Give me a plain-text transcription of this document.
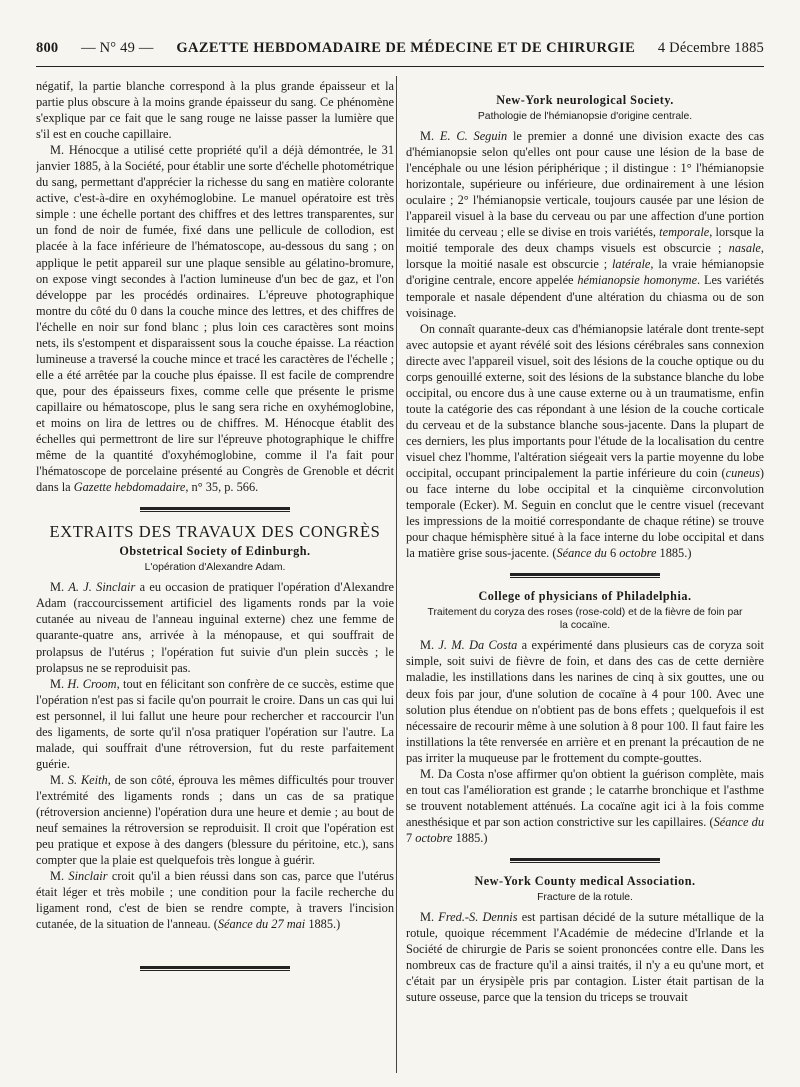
800 — N° 49 — GAZETTE HEBDOMADAIRE DE MÉDECINE ET DE CHIRURGIE 4 Décembre 1885

négatif, la partie blanche correspond à la plus grande épaisseur et la partie plus obscure à la moins grande épaisseur du sang. Ce phénomène s'explique par ce fait que le sang rouge ne laisse passer la lumière que s'il est en couche capillaire.

M. Hénocque a utilisé cette propriété qu'il a déjà démontrée, le 31 janvier 1885, à la Société, pour établir une sorte d'échelle photométrique du sang, permettant d'apprécier la richesse du sang en matière colorante active, c'est-à-dire en oxyhémoglobine. Le manuel opératoire est très simple : une échelle portant des chiffres et des lettres transparentes, sur un fond de noir de fumée, fixé dans une pellicule de collodion, est placée à la face inférieure de l'hématoscope, au-dessous du sang ; on applique le petit appareil sur une plaque sensible au gélatino-bromure, on expose vingt secondes à l'action lumineuse d'un bec de gaz, et l'on développe par les procédés ordinaires. L'épreuve photographique montre du côté du 0 dans la couche mince des lettres, et des chiffres de l'échelle en noir sur fond blanc ; plus loin ces caractères sont moins nets, ils s'estompent et disparaissent sous la couche épaisse. La réaction lumineuse a traversé la couche mince et tracé les caractères de l'échelle ; elle a été arrêtée par la couche plus épaisse. Il est facile de comprendre que, pour des épaisseurs fixes, comme celle que présente le prisme capillaire ou hématoscope, plus le sang sera riche en oxyhémoglobine, et moins on lira de lettres ou de chiffres. M. Hénocque établit des échelles qui permettront de lire sur l'épreuve photographique le chiffre même de la quantité d'oxyhémoglobine, comme il l'a fait pour l'hématoscope de porcelaine présenté au Congrès de Grenoble et décrit dans la Gazette hebdomadaire, n° 35, p. 566.

EXTRAITS DES TRAVAUX DES CONGRÈS
Obstetrical Society of Edinburgh.
L'opération d'Alexandre Adam.

M. A. J. Sinclair a eu occasion de pratiquer l'opération d'Alexandre Adam (raccourcissement artificiel des ligaments ronds par la voie cutanée au niveau de l'anneau inguinal externe) chez une femme de quarante-quatre ans, arrivée à la ménopause, et qui souffrait de prolapsus de l'utérus ; l'opération fut suivie d'un plein succès ; le prolapsus ne se reproduisit pas.

M. H. Croom, tout en félicitant son confrère de ce succès, estime que l'opération n'est pas si facile qu'on pourrait le croire. Dans un cas qui lui est personnel, il lui fallut une heure pour rechercher et raccourcir l'un des ligaments, de sorte qu'il n'osa pratiquer l'opération sur l'autre. La malade, qui souffrait d'une rétroversion, fut du reste parfaitement guérie.

M. S. Keith, de son côté, éprouva les mêmes difficultés pour trouver l'extrémité des ligaments ronds ; dans un cas de sa pratique (rétroversion ancienne) l'opération dura une heure et demie ; au bout de neuf semaines la rétroversion se reproduisit. Il croit que l'opération est peu pratique et expose à des dangers (blessure du péritoine, etc.), sans compter que la plaie est quelquefois très longue à guérir.

M. Sinclair croit qu'il a bien réussi dans son cas, parce que l'utérus était léger et très mobile ; une condition pour la facile recherche du ligament rond, c'est de bien se rendre compte, à travers l'incision cutanée, de la situation de l'anneau. (Séance du 27 mai 1885.)

New-York neurological Society.
Pathologie de l'hémianopsie d'origine centrale.

M. E. C. Seguin le premier a donné une division exacte des cas d'hémianopsie selon qu'elles ont pour cause une lésion de la base de l'encéphale ou une lésion périphérique ; il distingue : 1° l'hémianopsie horizontale, supérieure ou inférieure, due ordinairement à une lésion oculaire ; 2° l'hémianopsie verticale, toujours causée par une lésion de l'appareil visuel à la base du cerveau ou par une affection d'une portion limitée du cerveau ; elle se divise en trois variétés, temporale, lorsque la moitié temporale des deux champs visuels est obscurcie ; nasale, lorsque la moitié nasale est obscurcie ; latérale, la vraie hémianopsie d'origine centrale, encore appelée hémianopsie homonyme. Les variétés temporale et nasale dépendent d'une altération du chiasma ou de son voisinage.

On connaît quarante-deux cas d'hémianopsie latérale dont trente-sept avec autopsie et ayant révélé soit des lésions cérébrales sans connexion directe avec l'appareil visuel, soit des lésions de la couche optique ou du corps genouillé externe, soit des lésions de la substance blanche du lobe occipital, ou encore dus à une cause externe ou à un traumatisme, enfin toute la catégorie des cas répondant à une lésion de la couche corticale du cerveau et de la substance blanche sous-jacente. Dans la plupart de ces derniers, les plus importants pour l'étude de la localisation du centre visuel chez l'homme, l'altération siégeait vers la partie moyenne du lobe occipital, occupant principalement la partie inférieure du coin (cuneus) ou face interne du lobe occipital et la cinquième circonvolution temporale (Ecker). M. Seguin en conclut que le centre visuel (recevant les impressions de la moitié correspondante de chaque rétine) se trouve pour chaque hémisphère situé à la face interne du lobe occipital et dans la matière grise sous-jacente. (Séance du 6 octobre 1885.)

College of physicians of Philadelphia.
Traitement du coryza des roses (rose-cold) et de la fièvre de foin par la cocaïne.

M. J. M. Da Costa a expérimenté dans plusieurs cas de coryza soit simple, soit suivi de fièvre de foin, et dans des cas de cette dernière maladie, les instillations dans les narines de cinq à six gouttes, une ou deux fois par jour, d'une solution de cocaïne à 4 pour 100. Avec une solution plus étendue on n'obtient pas de bons effets ; quelquefois il est nécessaire de recourir même à une solution à 8 pour 100. Il faut faire les instillations la tête renversée en arrière et en prenant la précaution de ne pas irriter la muqueuse par le frottement du compte-gouttes.

M. Da Costa n'ose affirmer qu'on obtient la guérison complète, mais en tout cas l'amélioration est grande ; le catarrhe bronchique et l'asthme se trouvent notablement atténués. La cocaïne agit ici à la fois comme anesthésique et par son action constrictive sur les capillaires. (Séance du 7 octobre 1885.)

New-York County medical Association.
Fracture de la rotule.

M. Fred.-S. Dennis est partisan décidé de la suture métallique de la rotule, quoique récemment l'Académie de médecine d'Irlande et la Société de chirurgie de Paris se soient prononcées contre elle. Dans les nombreux cas de fracture qu'il a ainsi traités, il n'y a eu qu'une mort, et c'était par un érysipèle pris par contagion. Lister était partisan de la suture osseuse, parce que la tension du triceps se trouvait
